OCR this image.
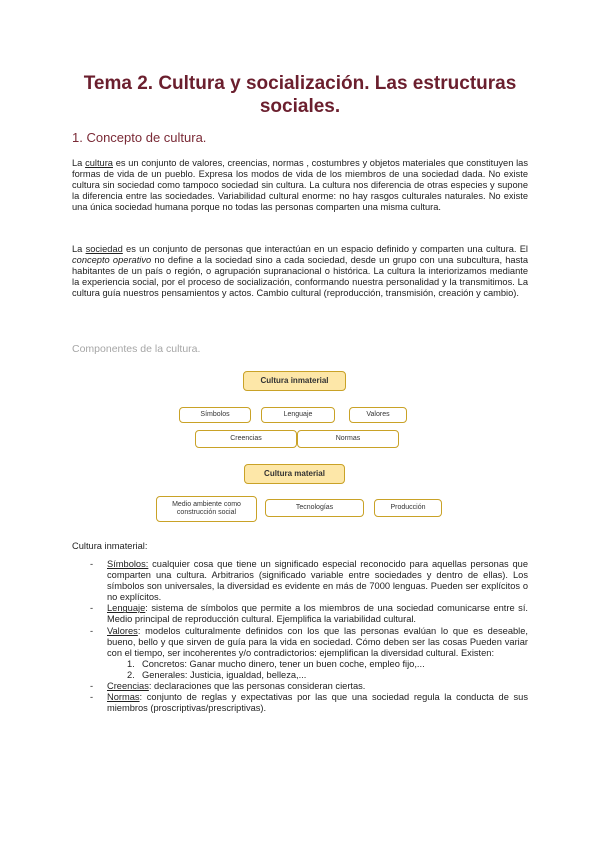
Tema 2. Cultura y socialización. Las estructuras sociales.
1. Concepto de cultura.

La cultura es un conjunto de valores, creencias, normas , costumbres y objetos materiales que constituyen las formas de vida de un pueblo. Expresa los modos de vida de los miembros de una sociedad dada. No existe cultura sin sociedad como tampoco sociedad sin cultura. La cultura nos diferencia de otras especies y supone la diferencia entre las sociedades. Variabilidad cultural enorme: no hay rasgos culturales naturales. No existe una única sociedad humana porque no todas las personas comparten una misma cultura.

La sociedad es un conjunto de personas que interactúan en un espacio definido y comparten una cultura. El concepto operativo no define a la sociedad sino a cada sociedad, desde un grupo con una subcultura, hasta habitantes de un país o región, o agrupación supranacional o histórica. La cultura la interiorizamos mediante la experiencia social, por el proceso de socialización, conformando nuestra personalidad y la transmitimos. La cultura guía nuestros pensamientos y actos. Cambio cultural (reproducción, transmisión, creación y cambio).

Componentes de la cultura.
Cultura inmaterial
Símbolos	Lenguaje	Valores
Creencias	Normas
Cultura material
Medio ambiente como construcción social
Tecnologías	Producción

Cultura inmaterial:

- Símbolos: cualquier cosa que tiene un significado especial reconocido para aquellas personas que comparten una cultura. Arbitrarios (significado variable entre sociedades y dentro de ellas). Los símbolos son universales, la diversidad es evidente en más de 7000 lenguas. Pueden ser explícitos o no explícitos.
- Lenguaje: sistema de símbolos que permite a los miembros de una sociedad comunicarse entre sí. Medio principal de reproducción cultural. Ejemplifica la variabilidad cultural.
- Valores: modelos culturalmente definidos con los que las personas evalúan lo que es deseable, bueno, bello y que sirven de guía para la vida en sociedad. Cómo deben ser las cosas Pueden variar con el tiempo, ser incoherentes y/o contradictorios: ejemplifican la diversidad cultural. Existen:
1. Concretos: Ganar mucho dinero, tener un buen coche, empleo fijo,...
2. Generales: Justicia, igualdad, belleza,...
- Creencias: declaraciones que las personas consideran ciertas.
- Normas: conjunto de reglas y expectativas por las que una sociedad regula la conducta de sus miembros (proscriptivas/prescriptivas).
